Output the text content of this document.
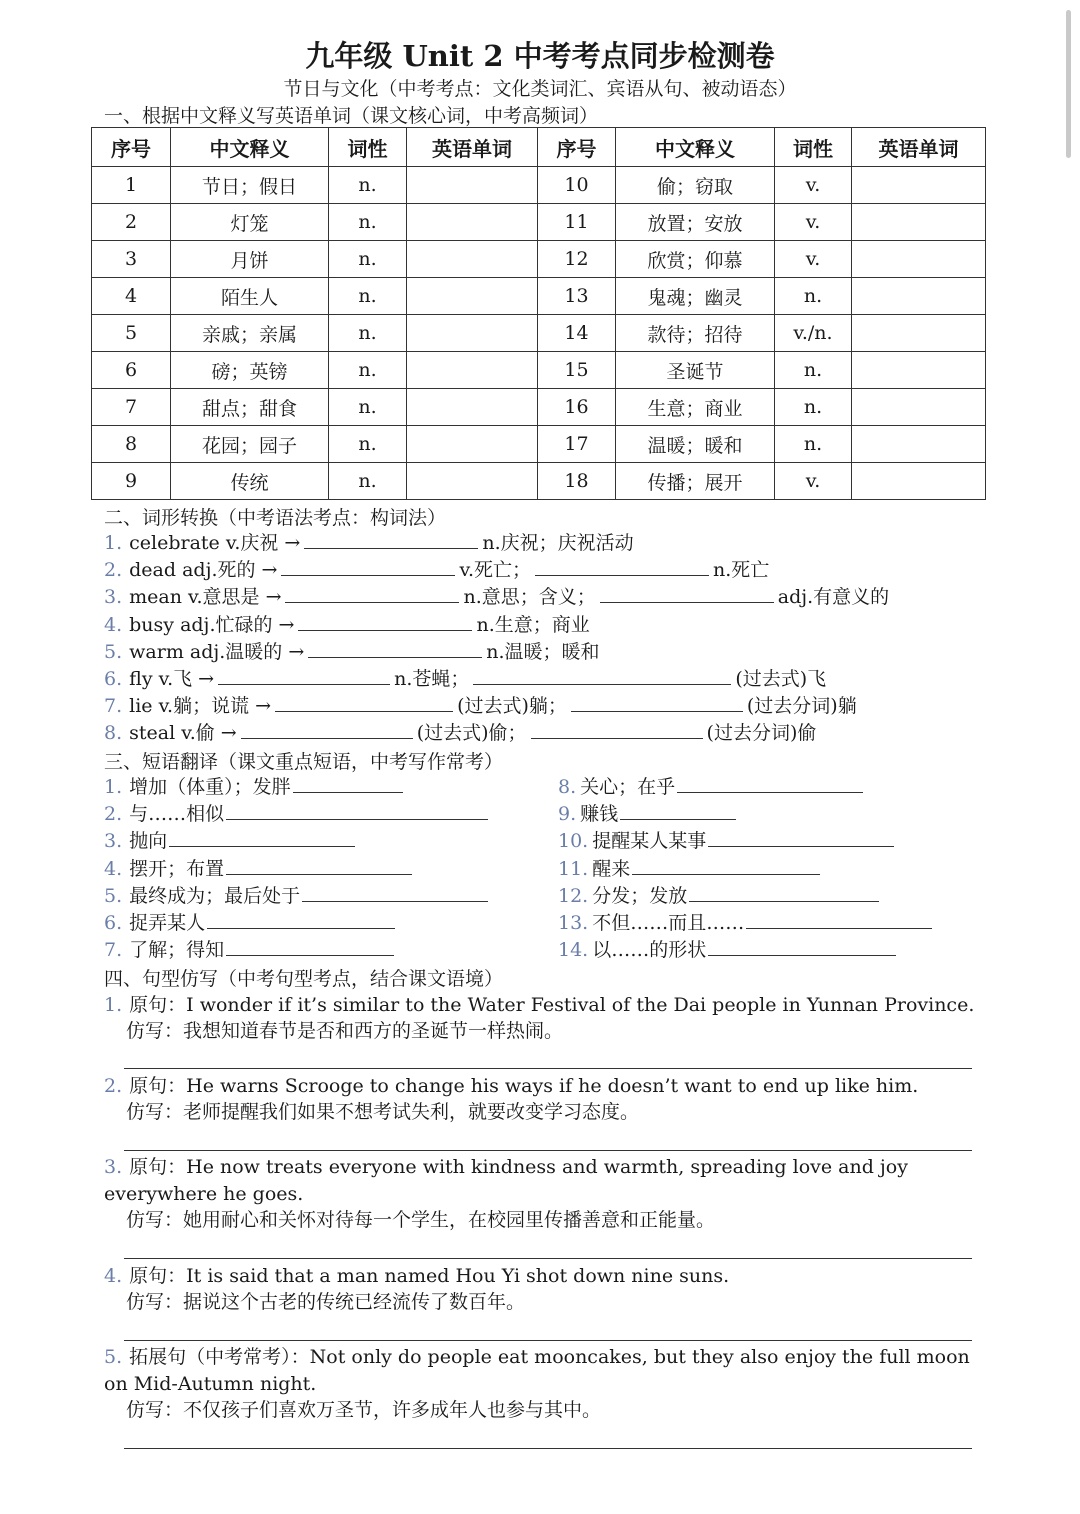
九年级 Unit 2 中考考点同步检测卷
节日与文化（中考考点：文化类词汇、宾语从句、被动语态）
一、根据中文释义写英语单词（课文核心词，中考高频词）
序号	中文释义	词性	英语单词	序号	中文释义	词性	英语单词
1	节日；假日	n.		10	偷；窃取	v.	
2	灯笼	n.		11	放置；安放	v.	
3	月饼	n.		12	欣赏；仰慕	v.	
4	陌生人	n.		13	鬼魂；幽灵	n.	
5	亲戚；亲属	n.		14	款待；招待	v./n.	
6	磅；英镑	n.		15	圣诞节	n.	
7	甜点；甜食	n.		16	生意；商业	n.	
8	花园；园子	n.		17	温暖；暖和	n.	
9	传统	n.		18	传播；展开	v.	
二、词形转换（中考语法考点：构词法）
1. celebrate v.庆祝 →	n.庆祝；庆祝活动
2. dead adj.死的 →	v.死亡；	n.死亡
3. mean v.意思是 →	n.意思；含义；	adj.有意义的
4. busy adj.忙碌的 →	n.生意；商业
5. warm adj.温暖的 →	n.温暖；暖和
6. fly v.飞 →	n.苍蝇；	(过去式)飞
7. lie v.躺；说谎 →	(过去式)躺；	(过去分词)躺
8. steal v.偷 →	(过去式)偷；	(过去分词)偷
三、短语翻译（课文重点短语，中考写作常考）
1. 增加（体重）；发胖
2. 与……相似
3. 抛向
4. 摆开；布置
5. 最终成为；最后处于
6. 捉弄某人
7. 了解；得知
8. 关心；在乎
9. 赚钱
10. 提醒某人某事
11. 醒来
12. 分发；发放
13. 不但……而且……
14. 以……的形状
四、句型仿写（中考句型考点，结合课文语境）
1. 原句：I wonder if it’s similar to the Water Festival of the Dai people in Yunnan Province.
仿写：我想知道春节是否和西方的圣诞节一样热闹。
2. 原句：He warns Scrooge to change his ways if he doesn’t want to end up like him.
仿写：老师提醒我们如果不想考试失利，就要改变学习态度。
3. 原句：He now treats everyone with kindness and warmth, spreading love and joy everywhere he goes.
仿写：她用耐心和关怀对待每一个学生，在校园里传播善意和正能量。
4. 原句：It is said that a man named Hou Yi shot down nine suns.
仿写：据说这个古老的传统已经流传了数百年。
5. 拓展句（中考常考）：Not only do people eat mooncakes, but they also enjoy the full moon on Mid-Autumn night.
仿写：不仅孩子们喜欢万圣节，许多成年人也参与其中。
